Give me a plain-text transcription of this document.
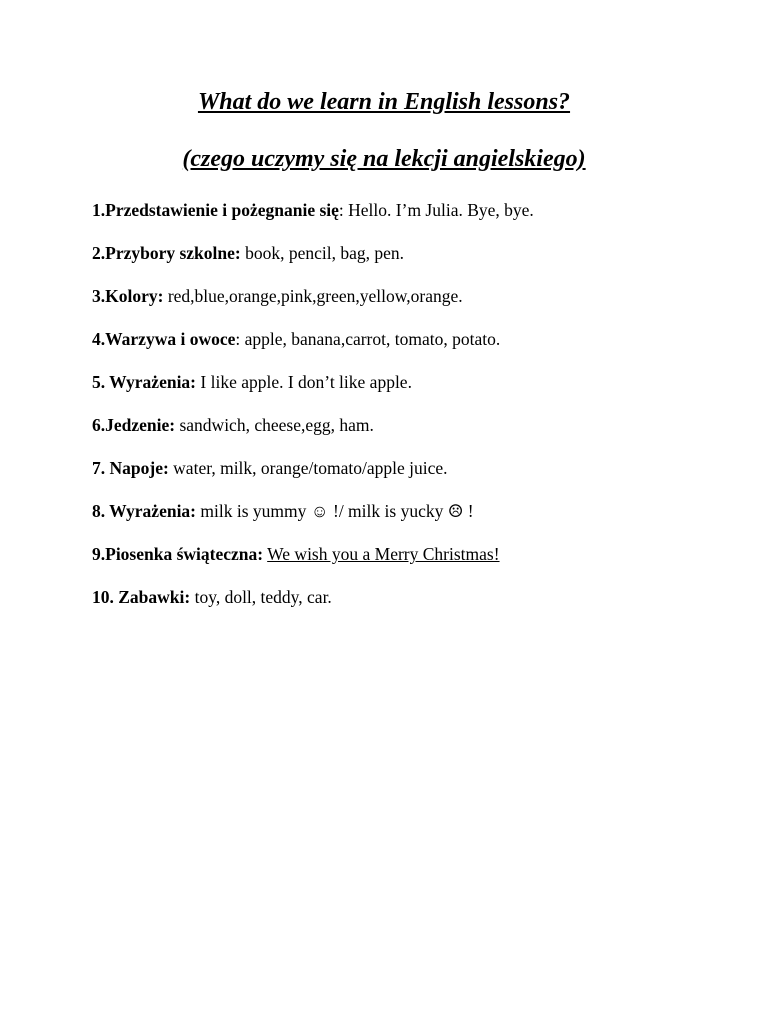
What do we learn in English lessons?
(czego uczymy się na lekcji angielskiego)
1.Przedstawienie i pożegnanie się: Hello. I’m Julia. Bye, bye.
2.Przybory szkolne: book, pencil, bag, pen.
3.Kolory: red,blue,orange,pink,green,yellow,orange.
4.Warzywa i owoce: apple, banana,carrot, tomato, potato.
5. Wyrażenia: I like apple. I don’t like apple.
6.Jedzenie: sandwich, cheese,egg, ham.
7. Napoje: water, milk, orange/tomato/apple juice.
8. Wyrażenia: milk is yummy ☺ !/ milk is yucky ☹ !
9.Piosenka świąteczna: We wish you a Merry Christmas!
10. Zabawki: toy, doll, teddy, car.
